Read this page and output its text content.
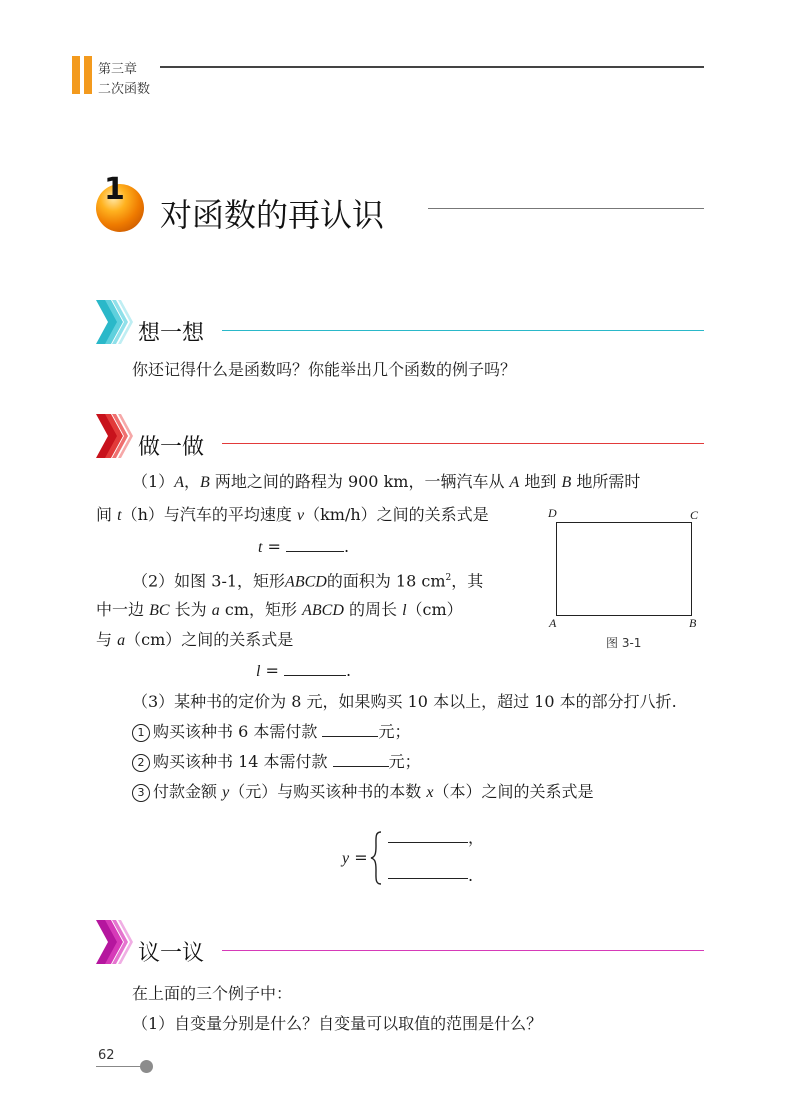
第三章
二次函数
1
对函数的再认识
想一想
你还记得什么是函数吗？你能举出几个函数的例子吗？
做一做
（1）A，B 两地之间的路程为 900 km，一辆汽车从 A 地到 B 地所需时
间 t（h）与汽车的平均速度 v（km/h）之间的关系式是
t =	.
（2）如图 3-1，矩形ABCD的面积为 18 $cm^2$，其
中一边 BC 长为 a cm，矩形 ABCD 的周长 l（cm）
与 a（cm）之间的关系式是
l =	.
D	C
A	B
图 3-1
（3）某种书的定价为 8 元，如果购买 10 本以上，超过 10 本的部分打八折.
1 购买该种书 6 本需付款	元；
2 购买该种书 14 本需付款	元；
3 付款金额 y（元）与购买该种书的本数 x（本）之间的关系式是
y =
，
.
议一议
在上面的三个例子中：
（1）自变量分别是什么？自变量可以取值的范围是什么？
62
